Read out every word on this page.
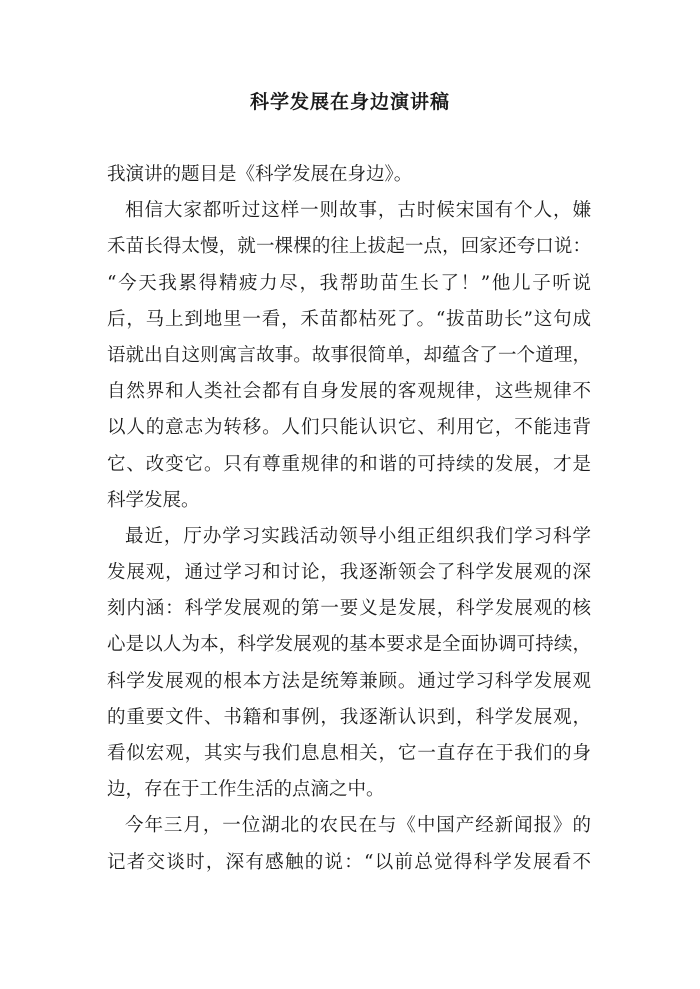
科学发展在身边演讲稿
我演讲的题目是《科学发展在身边》。
相信大家都听过这样一则故事，古时候宋国有个人，嫌
禾苗长得太慢，就一棵棵的往上拔起一点，回家还夸口说：
“今天我累得精疲力尽，我帮助苗生长了！”他儿子听说
后，马上到地里一看，禾苗都枯死了。“拔苗助长”这句成
语就出自这则寓言故事。故事很简单，却蕴含了一个道理，
自然界和人类社会都有自身发展的客观规律，这些规律不
以人的意志为转移。人们只能认识它、利用它，不能违背
它、改变它。只有尊重规律的和谐的可持续的发展，才是
科学发展。
最近，厅办学习实践活动领导小组正组织我们学习科学
发展观，通过学习和讨论，我逐渐领会了科学发展观的深
刻内涵：科学发展观的第一要义是发展，科学发展观的核
心是以人为本，科学发展观的基本要求是全面协调可持续，
科学发展观的根本方法是统筹兼顾。通过学习科学发展观
的重要文件、书籍和事例，我逐渐认识到，科学发展观，
看似宏观，其实与我们息息相关，它一直存在于我们的身
边，存在于工作生活的点滴之中。
今年三月，一位湖北的农民在与《中国产经新闻报》的
记者交谈时，深有感触的说：“以前总觉得科学发展看不
